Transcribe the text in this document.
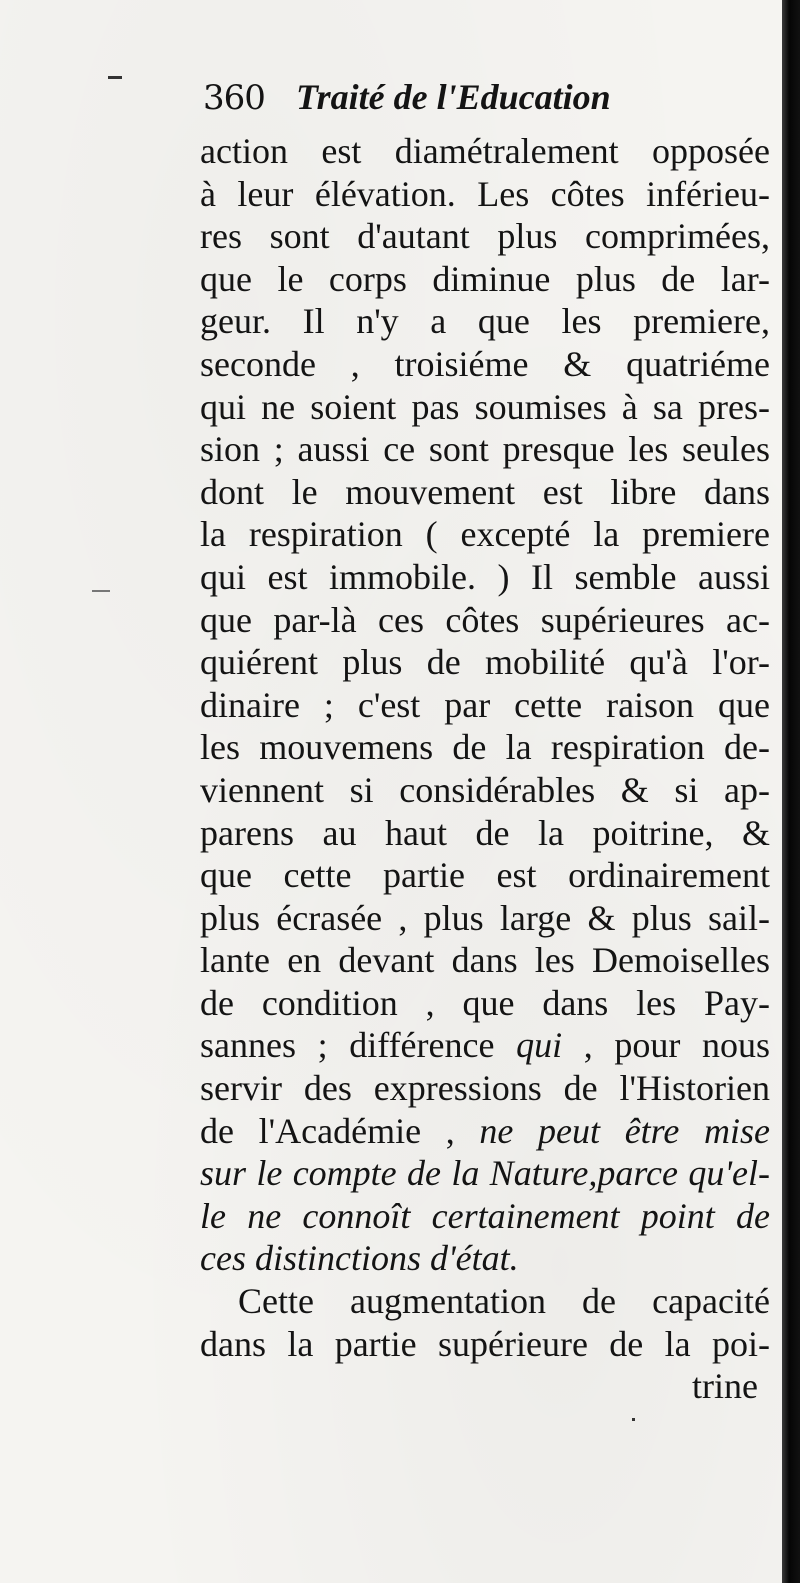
360 Traité de l'Education
action est diamétralement opposée
à leur élévation. Les côtes inférieu-
res sont d'autant plus comprimées,
que le corps diminue plus de lar-
geur. Il n'y a que les premiere,
seconde , troisiéme & quatriéme
qui ne soient pas soumises à sa pres-
sion ; aussi ce sont presque les seules
dont le mouvement est libre dans
la respiration ( excepté la premiere
qui est immobile. ) Il semble aussi
que par-là ces côtes supérieures ac-
quiérent plus de mobilité qu'à l'or-
dinaire ; c'est par cette raison que
les mouvemens de la respiration de-
viennent si considérables & si ap-
parens au haut de la poitrine, &
que cette partie est ordinairement
plus écrasée , plus large & plus sail-
lante en devant dans les Demoiselles
de condition , que dans les Pay-
sannes ; différence qui , pour nous
servir des expressions de l'Historien
de l'Académie , ne peut être mise
sur le compte de la Nature,parce qu'el-
le ne connoît certainement point de
ces distinctions d'état.
Cette augmentation de capacité
dans la partie supérieure de la poi-
trine
